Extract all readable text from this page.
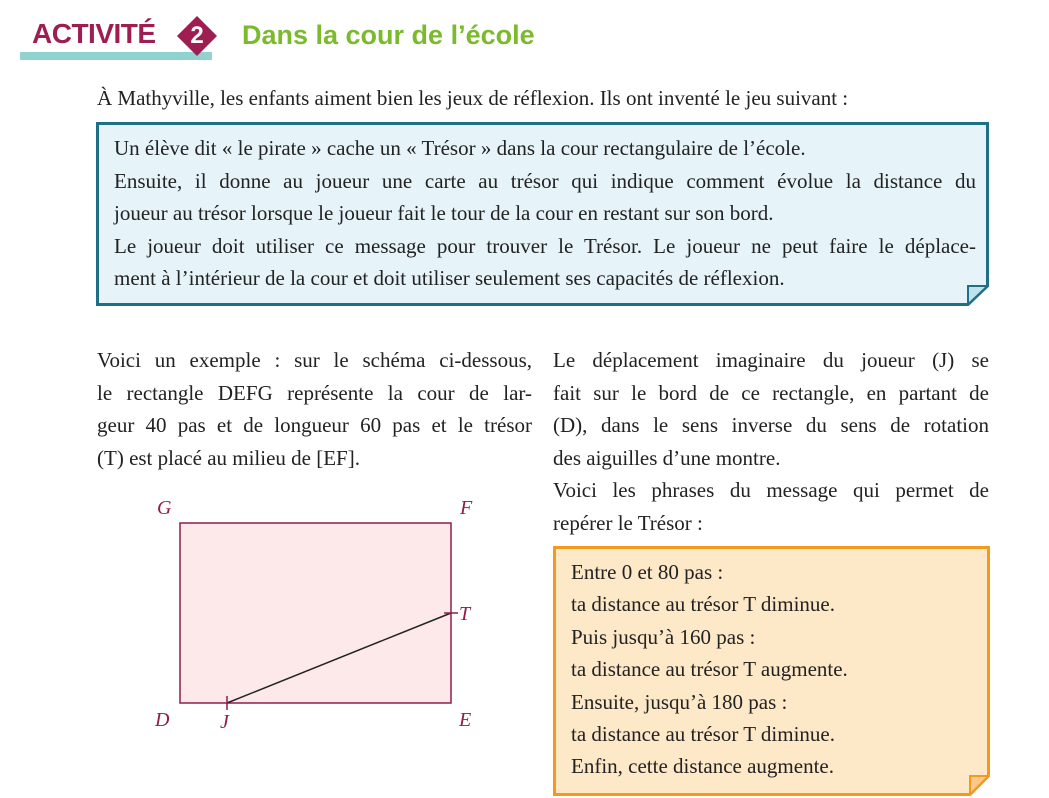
ACTIVITÉ	2	Dans la cour de l’école
À Mathyville, les enfants aiment bien les jeux de réflexion. Ils ont inventé le jeu suivant :
Un élève dit « le pirate » cache un « Trésor » dans la cour rectangulaire de l’école.
Ensuite, il donne au joueur une carte au trésor qui indique comment évolue la distance du
joueur au trésor lorsque le joueur fait le tour de la cour en restant sur son bord.
Le joueur doit utiliser ce message pour trouver le Trésor. Le joueur ne peut faire le déplace-
ment à l’intérieur de la cour et doit utiliser seulement ses capacités de réflexion.
Voici un exemple : sur le schéma ci-dessous,
le rectangle DEFG représente la cour de lar-
geur 40 pas et de longueur 60 pas et le trésor
(T) est placé au milieu de [EF].
G	F
T
D	J	E
Le déplacement imaginaire du joueur (J) se
fait sur le bord de ce rectangle, en partant de
(D), dans le sens inverse du sens de rotation
des aiguilles d’une montre.
Voici les phrases du message qui permet de
repérer le Trésor :
Entre 0 et 80 pas :
ta distance au trésor T diminue.
Puis jusqu’à 160 pas :
ta distance au trésor T augmente.
Ensuite, jusqu’à 180 pas :
ta distance au trésor T diminue.
Enfin, cette distance augmente.
